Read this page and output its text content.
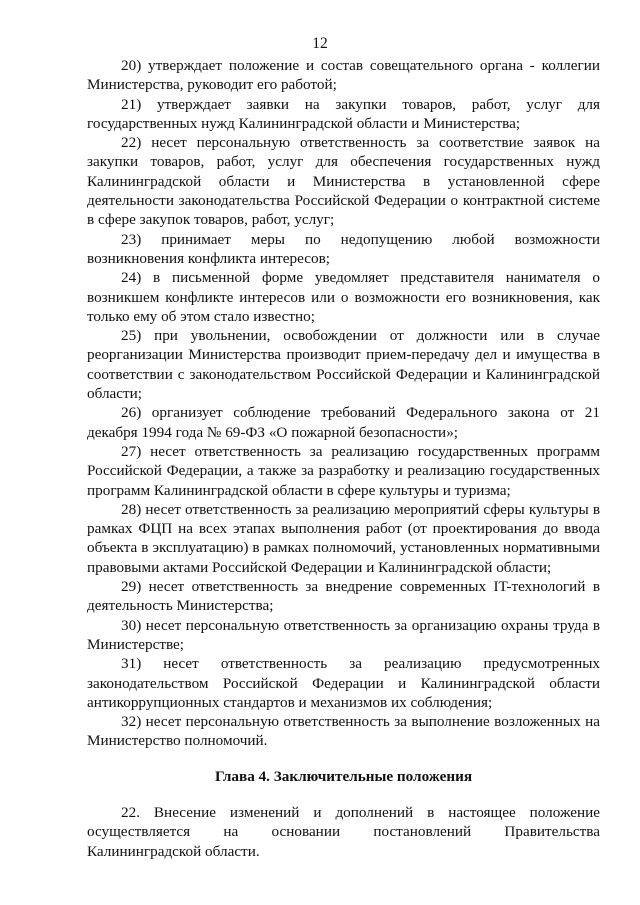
12

20) утверждает положение и состав совещательного органа - коллегии Министерства, руководит его работой;

21) утверждает заявки на закупки товаров, работ, услуг для государственных нужд Калининградской области и Министерства;

22) несет персональную ответственность за соответствие заявок на закупки товаров, работ, услуг для обеспечения государственных нужд Калининградской области и Министерства в установленной сфере деятельности законодательства Российской Федерации о контрактной системе в сфере закупок товаров, работ, услуг;

23) принимает меры по недопущению любой возможности возникновения конфликта интересов;

24) в письменной форме уведомляет представителя нанимателя о возникшем конфликте интересов или о возможности его возникновения, как только ему об этом стало известно;

25) при увольнении, освобождении от должности или в случае реорганизации Министерства производит прием-передачу дел и имущества в соответствии с законодательством Российской Федерации и Калининградской области;

26) организует соблюдение требований Федерального закона от 21 декабря 1994 года № 69-ФЗ «О пожарной безопасности»;

27) несет ответственность за реализацию государственных программ Российской Федерации, а также за разработку и реализацию государственных программ Калининградской области в сфере культуры и туризма;

28) несет ответственность за реализацию мероприятий сферы культуры в рамках ФЦП на всех этапах выполнения работ (от проектирования до ввода объекта в эксплуатацию) в рамках полномочий, установленных нормативными правовыми актами Российской Федерации и Калининградской области;

29) несет ответственность за внедрение современных IT-технологий в деятельность Министерства;

30) несет персональную ответственность за организацию охраны труда в Министерстве;

31) несет ответственность за реализацию предусмотренных законодательством Российской Федерации и Калининградской области антикоррупционных стандартов и механизмов их соблюдения;

32) несет персональную ответственность за выполнение возложенных на Министерство полномочий.

Глава 4. Заключительные положения

22. Внесение изменений и дополнений в настоящее положение осуществляется на основании постановлений Правительства Калининградской области.
